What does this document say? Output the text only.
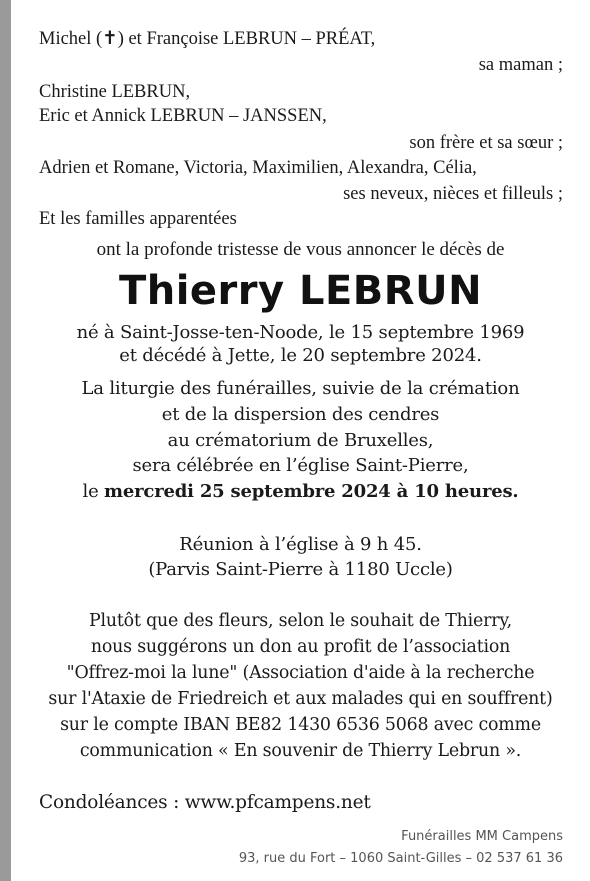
Michel (✝) et Françoise LEBRUN – PRÉAT,
sa maman ;
Christine LEBRUN,
Eric et Annick LEBRUN – JANSSEN,
son frère et sa sœur ;
Adrien et Romane, Victoria, Maximilien, Alexandra, Célia,
ses neveux, nièces et filleuls ;
Et les familles apparentées
ont la profonde tristesse de vous annoncer le décès de
Thierry LEBRUN
né à Saint-Josse-ten-Noode, le 15 septembre 1969
et décédé à Jette, le 20 septembre 2024.
La liturgie des funérailles, suivie de la crémation
et de la dispersion des cendres
au crématorium de Bruxelles,
sera célébrée en l’église Saint-Pierre,
le mercredi 25 septembre 2024 à 10 heures.
Réunion à l’église à 9 h 45.
(Parvis Saint-Pierre à 1180 Uccle)
Plutôt que des fleurs, selon le souhait de Thierry,
nous suggérons un don au profit de l’association
"Offrez-moi la lune" (Association d'aide à la recherche
sur l'Ataxie de Friedreich et aux malades qui en souffrent)
sur le compte IBAN BE82 1430 6536 5068 avec comme
communication « En souvenir de Thierry Lebrun ».
Condoléances : www.pfcampens.net
Funérailles MM Campens
93, rue du Fort – 1060 Saint-Gilles – 02 537 61 36
